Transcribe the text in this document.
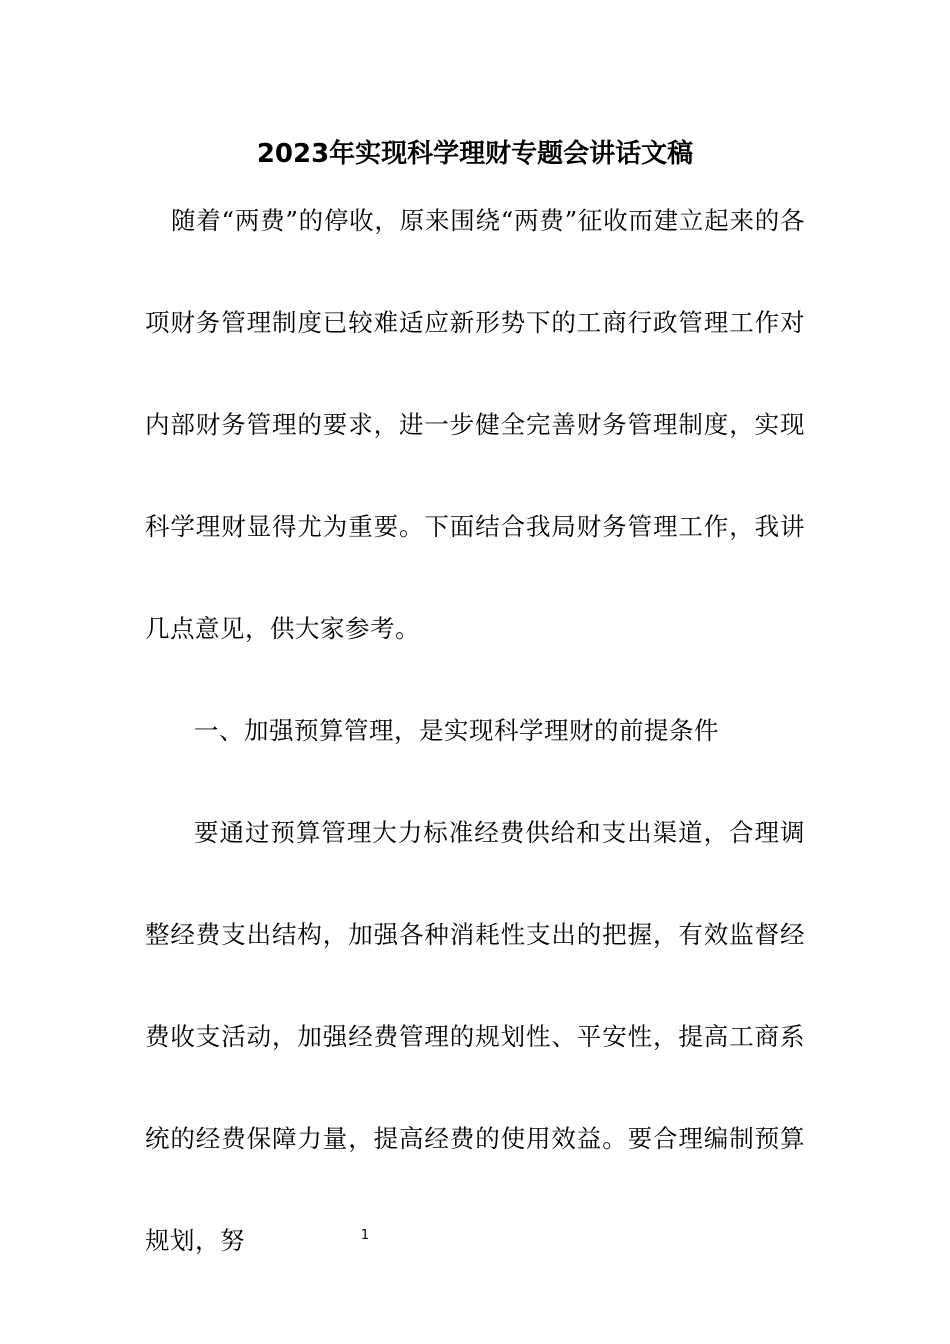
2023年实现科学理财专题会讲话文稿

随着“两费”的停收，原来围绕“两费”征收而建立起来的各项财务管理制度已较难适应新形势下的工商行政管理工作对内部财务管理的要求，进一步健全完善财务管理制度，实现科学理财显得尤为重要。下面结合我局财务管理工作，我讲几点意见，供大家参考。

一、加强预算管理，是实现科学理财的前提条件

要通过预算管理大力标准经费供给和支出渠道，合理调整经费支出结构，加强各种消耗性支出的把握，有效监督经费收支活动，加强经费管理的规划性、平安性，提高工商系统的经费保障力量，提高经费的使用效益。要合理编制预算规划，努	1
